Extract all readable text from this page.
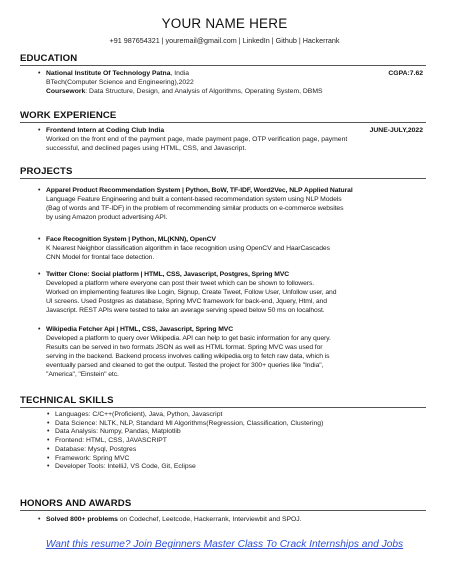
YOUR NAME HERE
+91 987654321 | youremail@gmail.com | LinkedIn | Github | Hackerrank
EDUCATION
• National Institute Of Technology Patna, India	CGPA:7.62
BTech(Computer Science and Engineering),2022
Coursework: Data Structure, Design, and Analysis of Algorithms, Operating System, DBMS
WORK EXPERIENCE
• Frontend Intern at Coding Club India	JUNE-JULY,2022
Worked on the front end of the payment page, made payment page, OTP verification page, payment
successful, and declined pages using HTML, CSS, and Javascript.
PROJECTS
• Apparel Product Recommendation System | Python, BoW, TF-IDF, Word2Vec, NLP Applied Natural
Language Feature Engineering and built a content-based recommendation system using NLP Models
(Bag of words and TF-IDF) in the problem of recommending similar products on e-commerce websites
by using Amazon product advertising API.
• Face Recognition System | Python, ML(KNN), OpenCV
K Nearest Neighbor classification algorithm in face recognition using OpenCV and HaarCascades
CNN Model for frontal face detection.
• Twitter Clone: Social platform | HTML, CSS, Javascript, Postgres, Spring MVC
Developed a platform where everyone can post their tweet which can be shown to followers.
Worked on implementing features like Login, Signup, Create Tweet, Follow User, Unfollow user, and
UI screens. Used Postgres as database, Spring MVC framework for back-end, Jquery, Html, and
Javascript. REST APIs were tested to take an average serving speed below 50 ms on localhost.
• Wikipedia Fetcher Api | HTML, CSS, Javascript, Spring MVC
Developed a platform to query over Wikipedia. API can help to get basic information for any query.
Results can be served in two formats JSON as well as HTML format. Spring MVC was used for
serving in the backend. Backend process involves calling wikipedia.org to fetch raw data, which is
eventually parsed and cleaned to get the output. Tested the project for 300+ queries like "India",
"America", "Einstein" etc.
TECHNICAL SKILLS
• Languages: C/C++(Proficient), Java, Python, Javascript
• Data Science: NLTK, NLP, Standard Ml Algorithms(Regression, Classification, Clustering)
• Data Analysis: Numpy, Pandas, Matplotlib
• Frontend: HTML, CSS, JAVASCRIPT
• Database: Mysql, Postgres
• Framework: Spring MVC
• Developer Tools: IntelliJ, VS Code, Git, Eclipse
HONORS AND AWARDS
• Solved 800+ problems on Codechef, Leetcode, Hackerrank, Interviewbit and SPOJ.
Want this resume? Join Beginners Master Class To Crack Internships and Jobs
